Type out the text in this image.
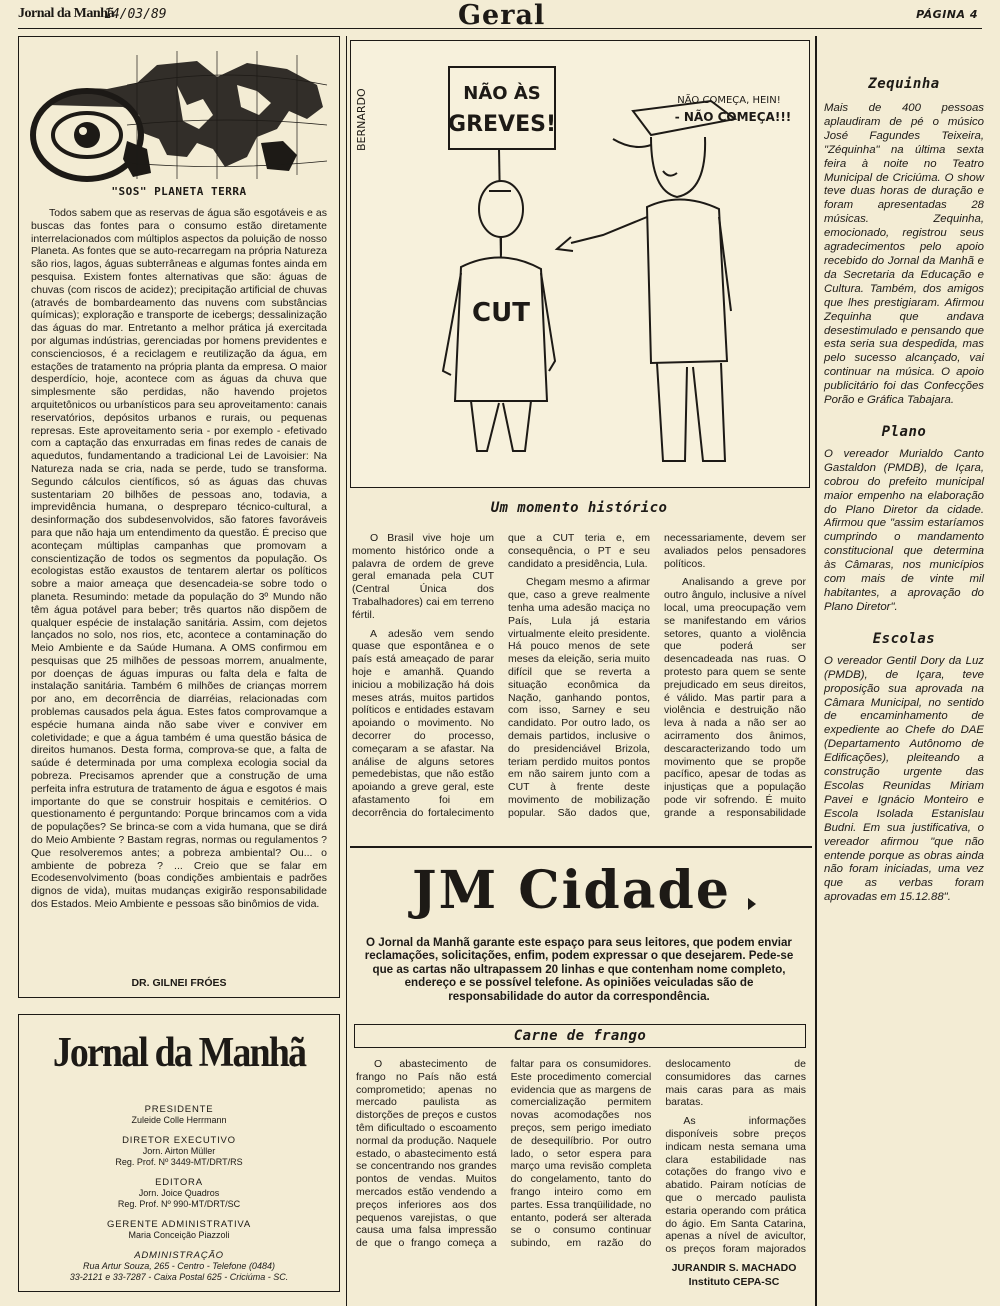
Jornal da Manhã
14/03/89	Geral	PÁGINA 4
"SOS" PLANETA TERRA

Todos sabem que as reservas de água são esgotáveis e as buscas das fontes para o consumo estão diretamente interrelacionados com múltiplos aspectos da poluição de nosso Planeta. As fontes que se auto-recarregam na própria Natureza são rios, lagos, águas subterrâneas e algumas fontes ainda em pesquisa. Existem fontes alternativas que são: águas de chuvas (com riscos de acidez); precipitação artificial de chuvas (através de bombardeamento das nuvens com substâncias químicas); exploração e transporte de icebergs; dessalinização das águas do mar. Entretanto a melhor prática já exercitada por algumas indústrias, gerenciadas por homens previdentes e conscienciosos, é a reciclagem e reutilização da água, em estações de tratamento na própria planta da empresa. O maior desperdício, hoje, acontece com as águas da chuva que simplesmente são perdidas, não havendo projetos arquitetônicos ou urbanísticos para seu aproveitamento: canais reservatórios, depósitos urbanos e rurais, ou pequenas represas. Este aproveitamento seria - por exemplo - efetivado com a captação das enxurradas em finas redes de canais de aquedutos, fundamentando a tradicional Lei de Lavoisier: Na Natureza nada se cria, nada se perde, tudo se transforma. Segundo cálculos científicos, só as águas das chuvas sustentariam 20 bilhões de pessoas ano, todavia, a imprevidência humana, o despreparo técnico-cultural, a desinformação dos subdesenvolvidos, são fatores favoráveis para que não haja um entendimento da questão. É preciso que aconteçam múltiplas campanhas que promovam a conscientização de todos os segmentos da população. Os ecologistas estão exaustos de tentarem alertar os políticos sobre a maior ameaça que desencadeia-se sobre todo o planeta. Resumindo: metade da população do 3º Mundo não têm água potável para beber; três quartos não dispõem de qualquer espécie de instalação sanitária. Assim, com dejetos lançados no solo, nos rios, etc, acontece a contaminação do Meio Ambiente e da Saúde Humana. A OMS confirmou em pesquisas que 25 milhões de pessoas morrem, anualmente, por doenças de águas impuras ou falta dela e falta de instalação sanitária. Também 6 milhões de crianças morrem por ano, em decorrência de diarréias, relacionadas com problemas causados pela água. Estes fatos comprovamque a espécie humana ainda não sabe viver e conviver em coletividade; e que a água também é uma questão básica de direitos humanos. Desta forma, comprova-se que, a falta de saúde é determinada por uma complexa ecologia social da pobreza. Precisamos aprender que a construção de uma perfeita infra estrutura de tratamento de água e esgotos é mais importante do que se construir hospitais e cemitérios. O questionamento é perguntando: Porque brincamos com a vida de populações? Se brinca-se com a vida humana, que se dirá do Meio Ambiente ? Bastam regras, normas ou regulamentos ? Que resolveremos antes; a pobreza ambiental? Ou... o ambiente de pobreza ? ... Creio que se falar em Ecodesenvolvimento (boas condições ambientais e padrões dignos de vida), muitas mudanças exigirão responsabilidade dos Estados. Meio Ambiente e pessoas são binômios de vida.

DR. GILNEI FRÓES
NÃO ÀS
GREVES!
NÃO COMEÇA, HEIN!
- NÃO COMEÇA!!!
CUT
BERNARDO
Um momento histórico

O Brasil vive hoje um momento histórico onde a palavra de ordem de greve geral emanada pela CUT (Central Única dos Trabalhadores) cai em terreno fértil.

A adesão vem sendo quase que espontânea e o país está ameaçado de parar hoje e amanhã. Quando iniciou a mobilização há dois meses atrás, muitos partidos políticos e entidades estavam apoiando o movimento. No decorrer do processo, começaram a se afastar. Na análise de alguns setores pemedebistas, que não estão apoiando a greve geral, este afastamento foi em decorrência do fortalecimento que a CUT teria e, em consequência, o PT e seu candidato a presidência, Lula.

Chegam mesmo a afirmar que, caso a greve realmente tenha uma adesão maciça no País, Lula já estaria virtualmente eleito presidente. Há pouco menos de sete meses da eleição, seria muito difícil que se reverta a situação econômica da Nação, ganhando pontos, com isso, Sarney e seu candidato. Por outro lado, os demais partidos, inclusive o do presidenciável Brizola, teriam perdido muitos pontos em não sairem junto com a CUT à frente deste movimento de mobilização popular. São dados que, necessariamente, devem ser avaliados pelos pensadores políticos.

Analisando a greve por outro ângulo, inclusive a nível local, uma preocupação vem se manifestando em vários setores, quanto a violência que poderá ser desencadeada nas ruas. O protesto para quem se sente prejudicado em seus direitos, é válido. Mas partir para a violência e destruição não leva à nada a não ser ao acirramento dos ânimos, descaracterizando todo um movimento que se propõe pacífico, apesar de todas as injustiças que a população pode vir sofrendo. É muito grande a responsabilidade

JM Cidade
O Jornal da Manhã garante este espaço para seus leitores, que podem enviar reclamações, solicitações, enfim, podem expressar o que desejarem. Pede-se que as cartas não ultrapassem 20 linhas e que contenham nome completo, endereço e se possível telefone. As opiniões veiculadas são de responsabilidade do autor da correspondência.
Jornal da Manhã
PRESIDENTE
Zuleide Colle Herrmann
DIRETOR EXECUTIVO
Jorn. Airton Müller
Reg. Prof. Nº 3449-MT/DRT/RS
EDITORA
Jorn. Joice Quadros
Reg. Prof. Nº 990-MT/DRT/SC
GERENTE ADMINISTRATIVA
Maria Conceição Piazzoli
ADMINISTRAÇÃO
Rua Artur Souza, 265 - Centro - Telefone (0484)
33-2121 e 33-7287 - Caixa Postal 625 - Criciúma - SC.
Carne de frango

O abastecimento de frango no País não está comprometido; apenas no mercado paulista as distorções de preços e custos têm dificultado o escoamento normal da produção. Naquele estado, o abastecimento está se concentrando nos grandes pontos de vendas. Muitos mercados estão vendendo a preços inferiores aos dos pequenos varejistas, o que causa uma falsa impressão de que o frango começa a faltar para os consumidores. Este procedimento comercial evidencia que as margens de comercialização permitem novas acomodações nos preços, sem perigo imediato de desequilíbrio. Por outro lado, o setor espera para março uma revisão completa do congelamento, tanto do frango inteiro como em partes. Essa tranqüilidade, no entanto, poderá ser alterada se o consumo continuar subindo, em razão do deslocamento de consumidores das carnes mais caras para as mais baratas.

As informações disponíveis sobre preços indicam nesta semana uma clara estabilidade nas cotações do frango vivo e abatido. Pairam notícias de que o mercado paulista estaria operando com prática do ágio. Em Santa Catarina, apenas a nível de avicultor, os preços foram majorados

JURANDIR S. MACHADO
Instituto CEPA-SC
Zequinha
Mais de 400 pessoas aplaudiram de pé o músico José Fagundes Teixeira, "Zéquinha" na última sexta feira à noite no Teatro Municipal de Criciúma. O show teve duas horas de duração e foram apresentadas 28 músicas. Zequinha, emocionado, registrou seus agradecimentos pelo apoio recebido do Jornal da Manhã e da Secretaria da Educação e Cultura. Também, dos amigos que lhes prestigiaram. Afirmou Zequinha que andava desestimulado e pensando que esta seria sua despedida, mas pelo sucesso alcançado, vai continuar na música. O apoio publicitário foi das Confecções Porão e Gráfica Tabajara.
Plano
O vereador Murialdo Canto Gastaldon (PMDB), de Içara, cobrou do prefeito municipal maior empenho na elaboração do Plano Diretor da cidade. Afirmou que "assim estaríamos cumprindo o mandamento constitucional que determina às Câmaras, nos municípios com mais de vinte mil habitantes, a aprovação do Plano Diretor".
Escolas
O vereador Gentil Dory da Luz (PMDB), de Içara, teve proposição sua aprovada na Câmara Municipal, no sentido de encaminhamento de expediente ao Chefe do DAE (Departamento Autônomo de Edificações), pleiteando a construção urgente das Escolas Reunidas Miriam Pavei e Ignácio Monteiro e Escola Isolada Estanislau Budni. Em sua justificativa, o vereador afirmou "que não entende porque as obras ainda não foram iniciadas, uma vez que as verbas foram aprovadas em 15.12.88".
